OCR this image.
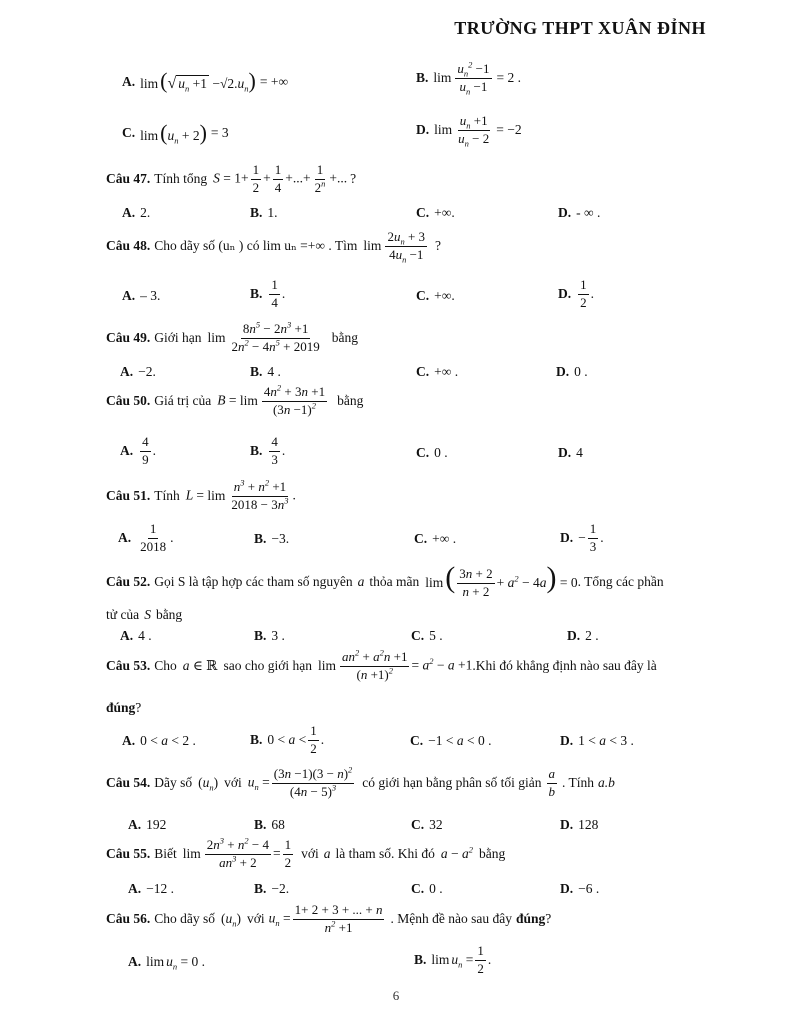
TRƯỜNG THPT XUÂN ĐỈNH
A. lim(√ $u_n +1 -√2.u_n$) = +∞	B. $\lim \frac{u_n^2 -1}{u_n -1} = 2$ .
C. $\lim(u_n + 2) = 3$	D. $\lim \frac{u_n +1}{u_n - 2} = -2$
Câu 47. Tính tổng $S = 1+ \frac{1}{2} + \frac{1}{4}$ +...+ $\frac{1}{2^n}$ +... ?
A. 2.	B. 1.	C. +∞.	D. - ∞ .
Câu 48. Cho dãy số (uₙ ) có lim uₙ =+∞ . Tìm $\lim \frac{2u_n + 3}{4u_n -1}$ ?
A. – 3.	B. $\frac{1}{4}$ .	C. +∞.	D. $\frac{1}{2}$ .
Câu 49. Giới hạn $\lim \frac{8n^5 - 2n^3 +1}{2n^2 - 4n^5 + 2019}$ bằng
A. −2.	B. 4 .	C. +∞ .	D. 0 .
Câu 50. Giá trị của $B = \lim \frac{4n^2 + 3n +1}{(3n -1)^2}$ bằng
A. $\frac{4}{9}$ .	B. $\frac{4}{3}$ .	C. 0 .	D. 4
Câu 51. Tính $L = \lim \frac{n^3 + n^2 +1}{2018 - 3n^3}$ .
A. $\frac{1}{2018}$ .	B. −3.	C. +∞ .	D. − $\frac{1}{3}$ .
Câu 52. Gọi S là tập hợp các tham số nguyên a thỏa mãn $\lim( \frac{3n + 2}{n + 2} + a^2 - 4a) = 0$ . Tổng các phần
tử của S bằng
A. 4 .	B. 3 .	C. 5 .	D. 2 .
Câu 53. Cho a ∈ ℝ sao cho giới hạn $\lim \frac{an^2 + a^2n +1}{(n +1)^2} = a^2 - a +1$ .Khi đó khẳng định nào sau đây là
đúng ?
A. 0 < a < 2 .	B. $0 < a < \frac{1}{2}$ .	C. −1 < a < 0 .	D. 1 < a < 3 .
Câu 54. Dãy số $(u_n)$ với $u_n = \frac{(3n -1)(3 - n)^2}{(4n - 5)^3}$ có giới hạn bằng phân số tối giản $\frac{a}{b}$ . Tính a.b
A. 192	B. 68	C. 32	D. 128
Câu 55. Biết $\lim \frac{2n^3 + n^2 - 4}{an^3 + 2} = \frac{1}{2}$ với a là tham số. Khi đó $a - a^2$ bằng
A. −12 .	B. −2.	C. 0 .	D. −6 .
Câu 56. Cho dãy số $(u_n)$ với $u_n = \frac{1+ 2 + 3 + ... + n}{n^2 +1}$ . Mệnh đề nào sau đây đúng ?
A. $\lim u_n = 0$ .	B. $\lim u_n = \frac{1}{2}$ .
6
